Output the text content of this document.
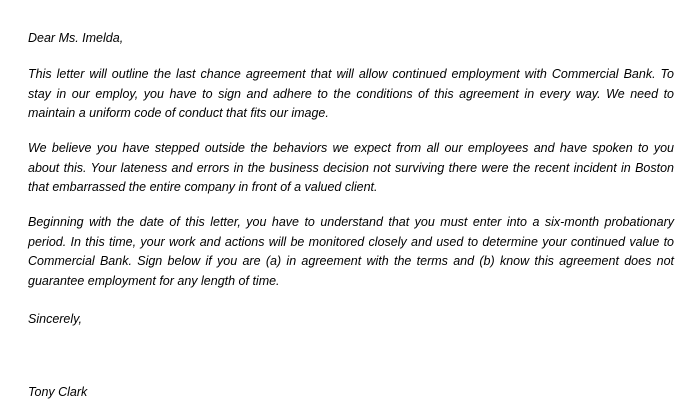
Dear Ms. Imelda,

This letter will outline the last chance agreement that will allow continued employment with Commercial Bank. To stay in our employ, you have to sign and adhere to the conditions of this agreement in every way. We need to maintain a uniform code of conduct that fits our image.

We believe you have stepped outside the behaviors we expect from all our employees and have spoken to you about this. Your lateness and errors in the business decision not surviving there were the recent incident in Boston that embarrassed the entire company in front of a valued client.

Beginning with the date of this letter, you have to understand that you must enter into a six-month probationary period. In this time, your work and actions will be monitored closely and used to determine your continued value to Commercial Bank. Sign below if you are (a) in agreement with the terms and (b) know this agreement does not guarantee employment for any length of time.

Sincerely,

Tony Clark
